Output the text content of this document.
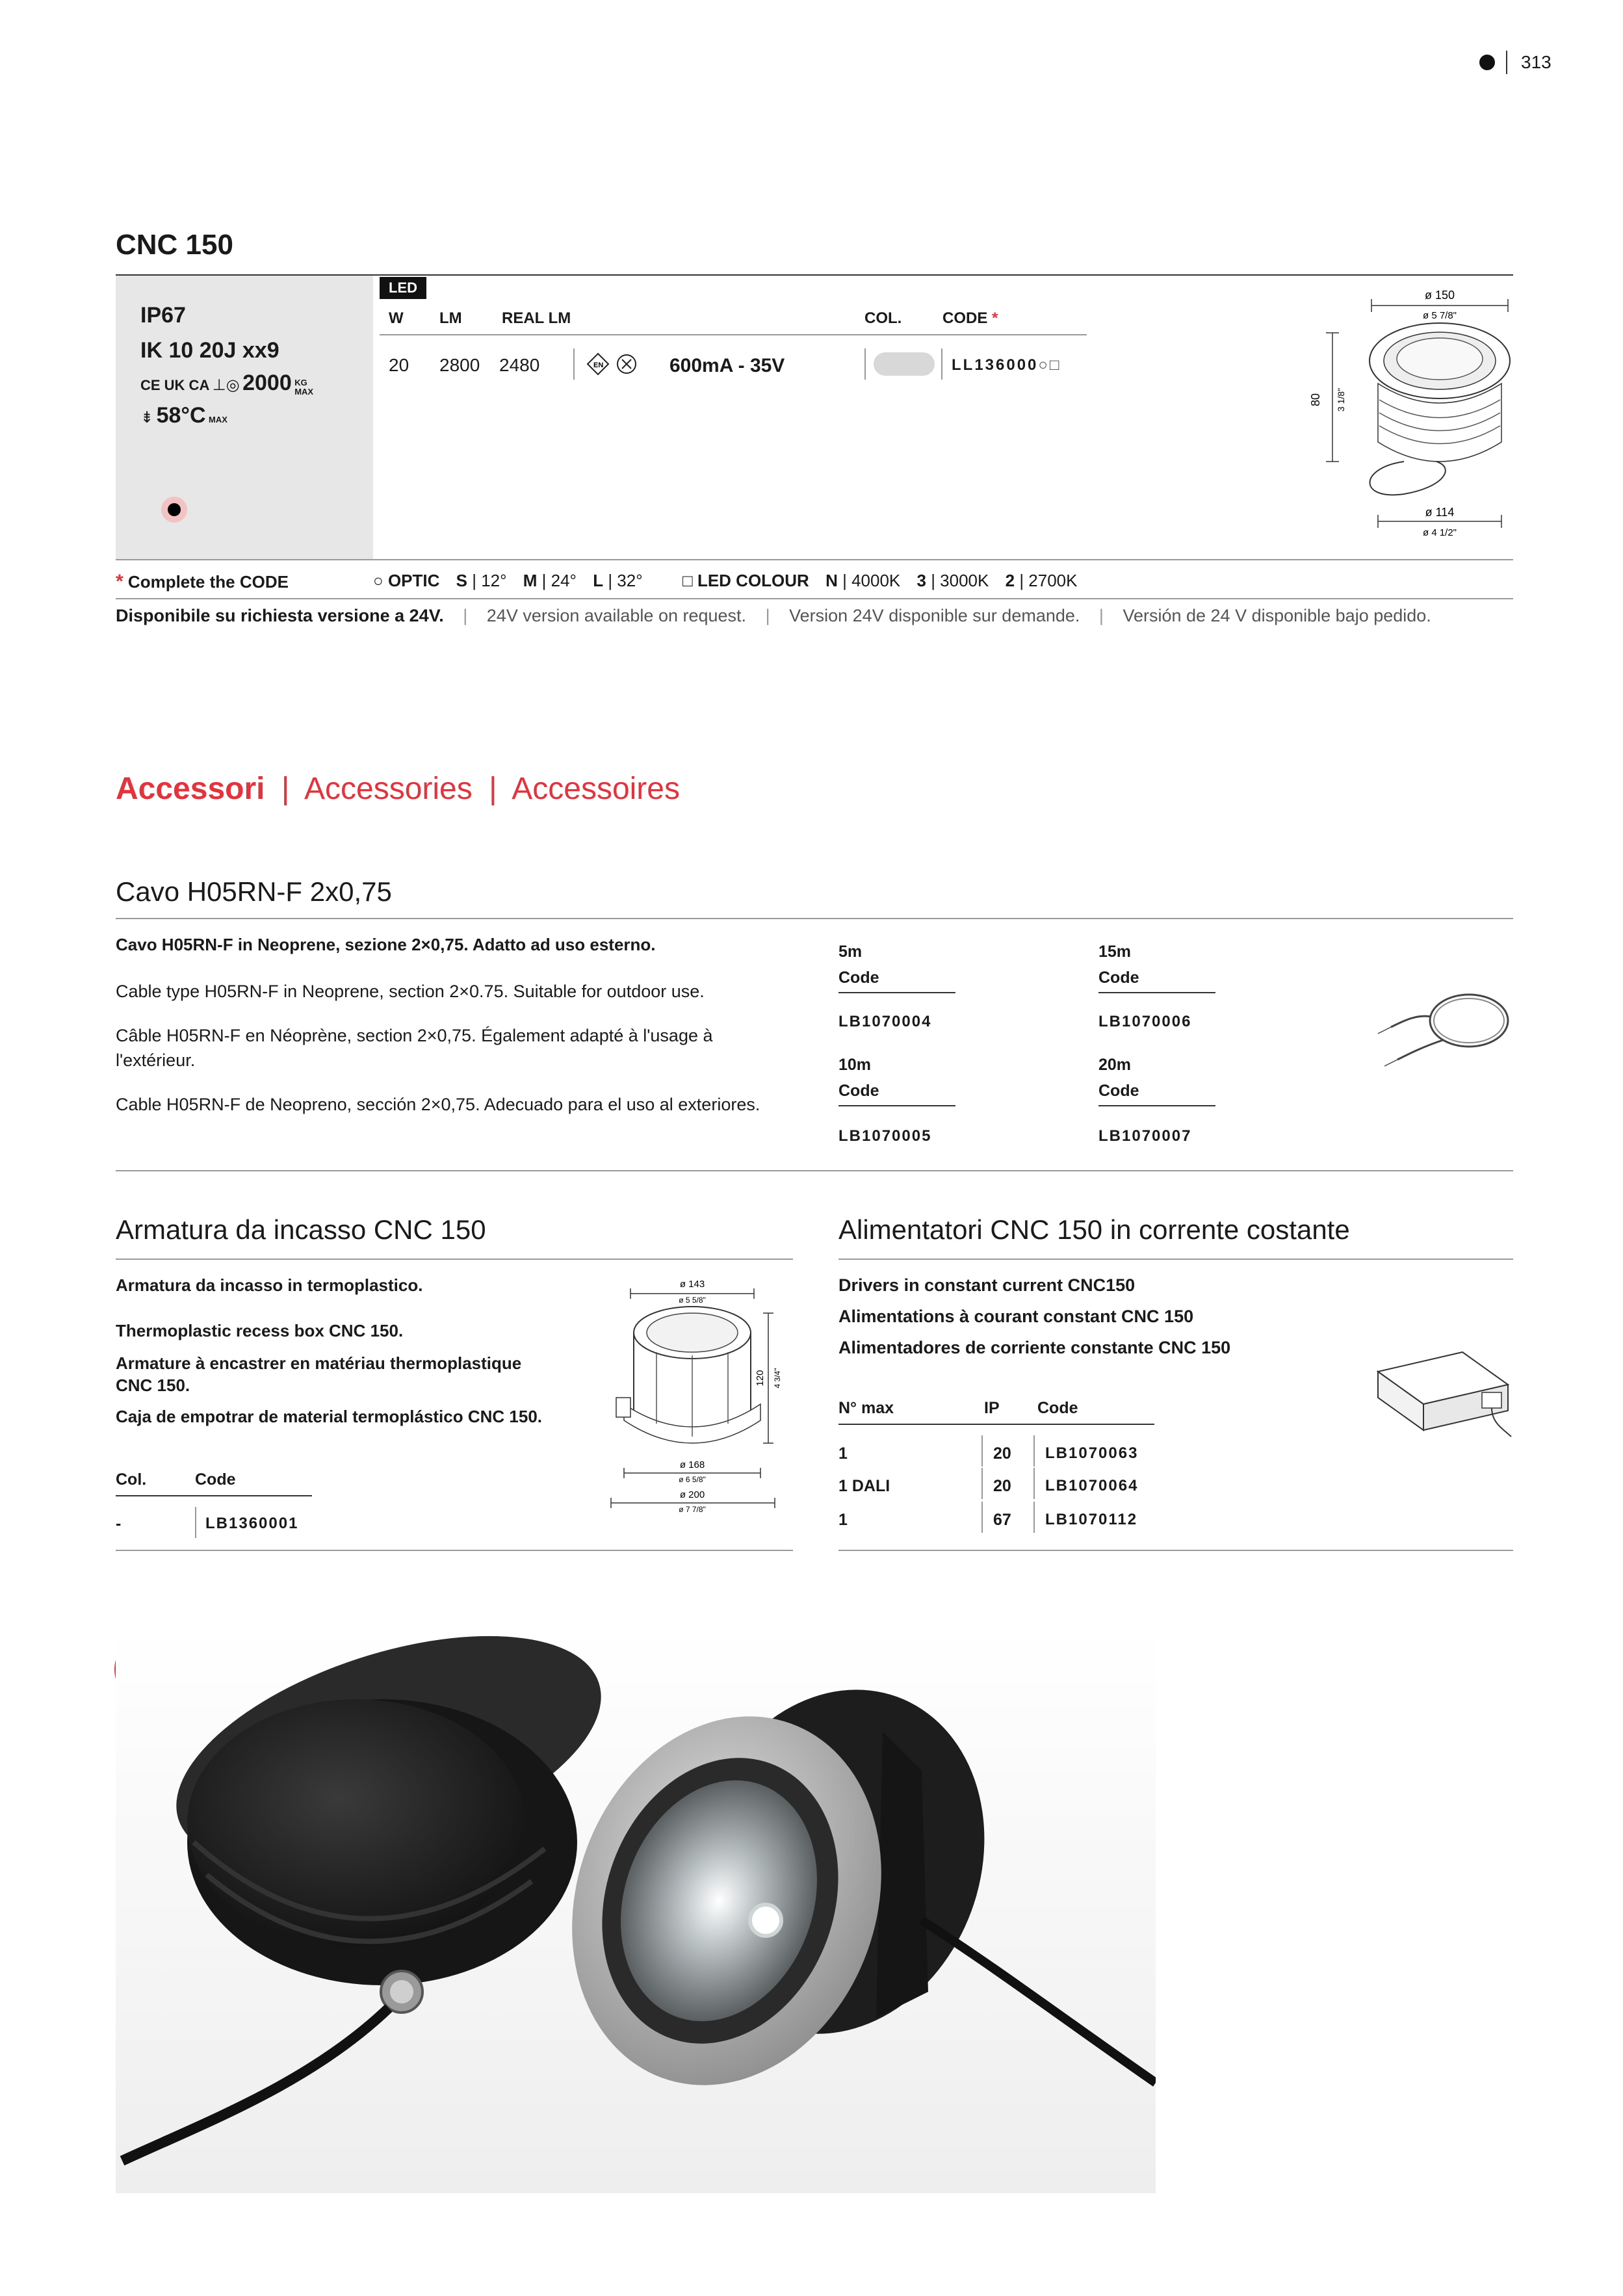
313
CNC 150
IP67
IK 10 20J xx9
CE UK CA ⊥◎ 2000 KG
MAX
⇟ 58°C MAX
LED
W LM	REAL LM	COL.	CODE *
20 2800 2480	EN	600mA - 35V	LL136000○□
ø 150
ø 5 7/8"
80 3 1/8"
ø 114
ø 4 1/2"
* Complete the CODE	○ OPTIC S | 12° M | 24° L | 32° □ LED COLOUR N | 4000K 3 | 3000K 2 | 2700K
Disponibile su richiesta versione a 24V. | 24V version available on request. | Version 24V disponible sur demande. | Versión de 24 V disponible bajo pedido.
Accessori | Accessories | Accessoires
Cavo H05RN-F 2x0,75
Cavo H05RN-F in Neoprene, sezione 2×0,75. Adatto ad uso esterno.
Cable type H05RN-F in Neoprene, section 2×0.75. Suitable for outdoor use.
Câble H05RN-F en Néoprène, section 2×0,75. Également adapté à l'usage à l'extérieur.
Cable H05RN-F de Neopreno, sección 2×0,75. Adecuado para el uso al exteriores.
5m
Code
LB1070004
15m
Code
LB1070006
10m
Code
LB1070005
20m
Code
LB1070007
Armatura da incasso CNC 150
Armatura da incasso in termoplastico.
Thermoplastic recess box CNC 150.
Armature à encastrer en matériau thermoplastique CNC 150.
Caja de empotrar de material termoplástico CNC 150.
Col.	Code
-	LB1360001
ø 143
ø 5 5/8"
120 4 3/4"
ø 168
ø 6 5/8"
ø 200
ø 7 7/8"
Alimentatori CNC 150 in corrente costante
Drivers in constant current CNC150
Alimentations à courant constant CNC 150
Alimentadores de corriente constante CNC 150
N° max	IP Code
1	20 LB1070063
1 DALI	20 LB1070064
1	67 LB1070112
